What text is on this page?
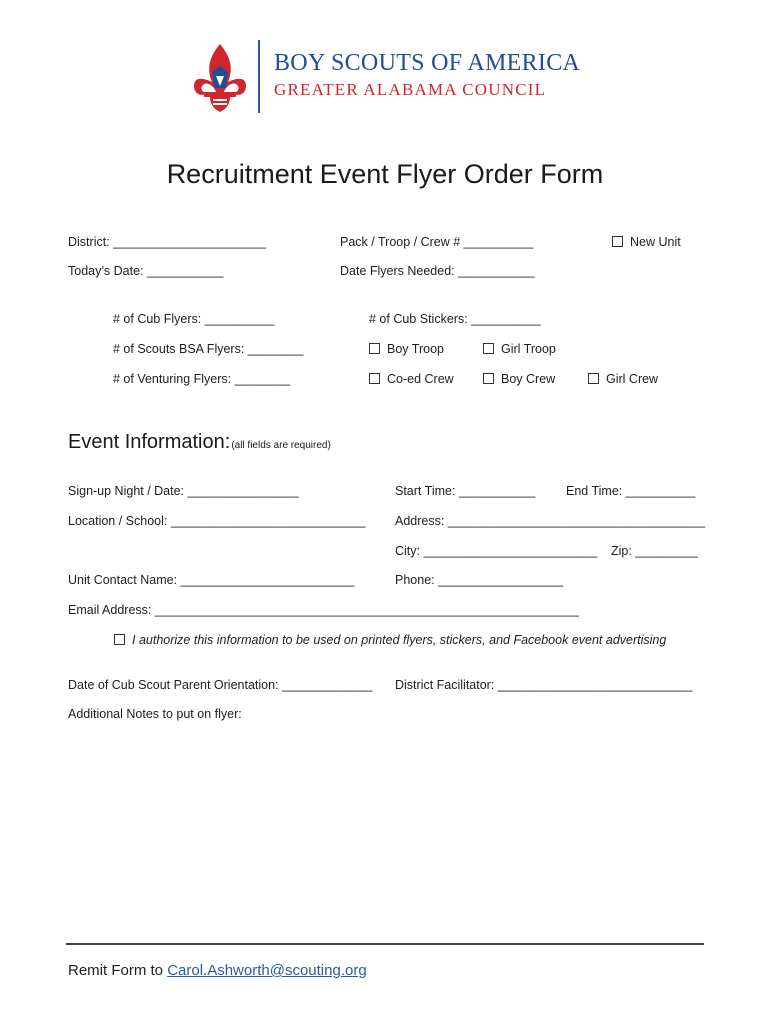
BOY SCOUTS OF AMERICA
GREATER ALABAMA COUNCIL
Recruitment Event Flyer Order Form
District: ______________________	Pack / Troop / Crew # __________	New Unit
Today’s Date: ___________	Date Flyers Needed: ___________
# of Cub Flyers: __________	# of Cub Stickers: __________
# of Scouts BSA Flyers: ________	Boy Troop	Girl Troop
# of Venturing Flyers: ________	Co-ed Crew	Boy Crew	Girl Crew
Event Information:(all fields are required)
Sign-up Night / Date: ________________	Start Time: ___________ End Time: __________
Location / School: ____________________________ Address: _____________________________________
City: _________________________ Zip: _________
Unit Contact Name: _________________________	Phone: __________________
Email Address: _____________________________________________________________
I authorize this information to be used on printed flyers, stickers, and Facebook event advertising
Date of Cub Scout Parent Orientation: _____________ District Facilitator: ____________________________
Additional Notes to put on flyer:
Remit Form to Carol.Ashworth@scouting.org
